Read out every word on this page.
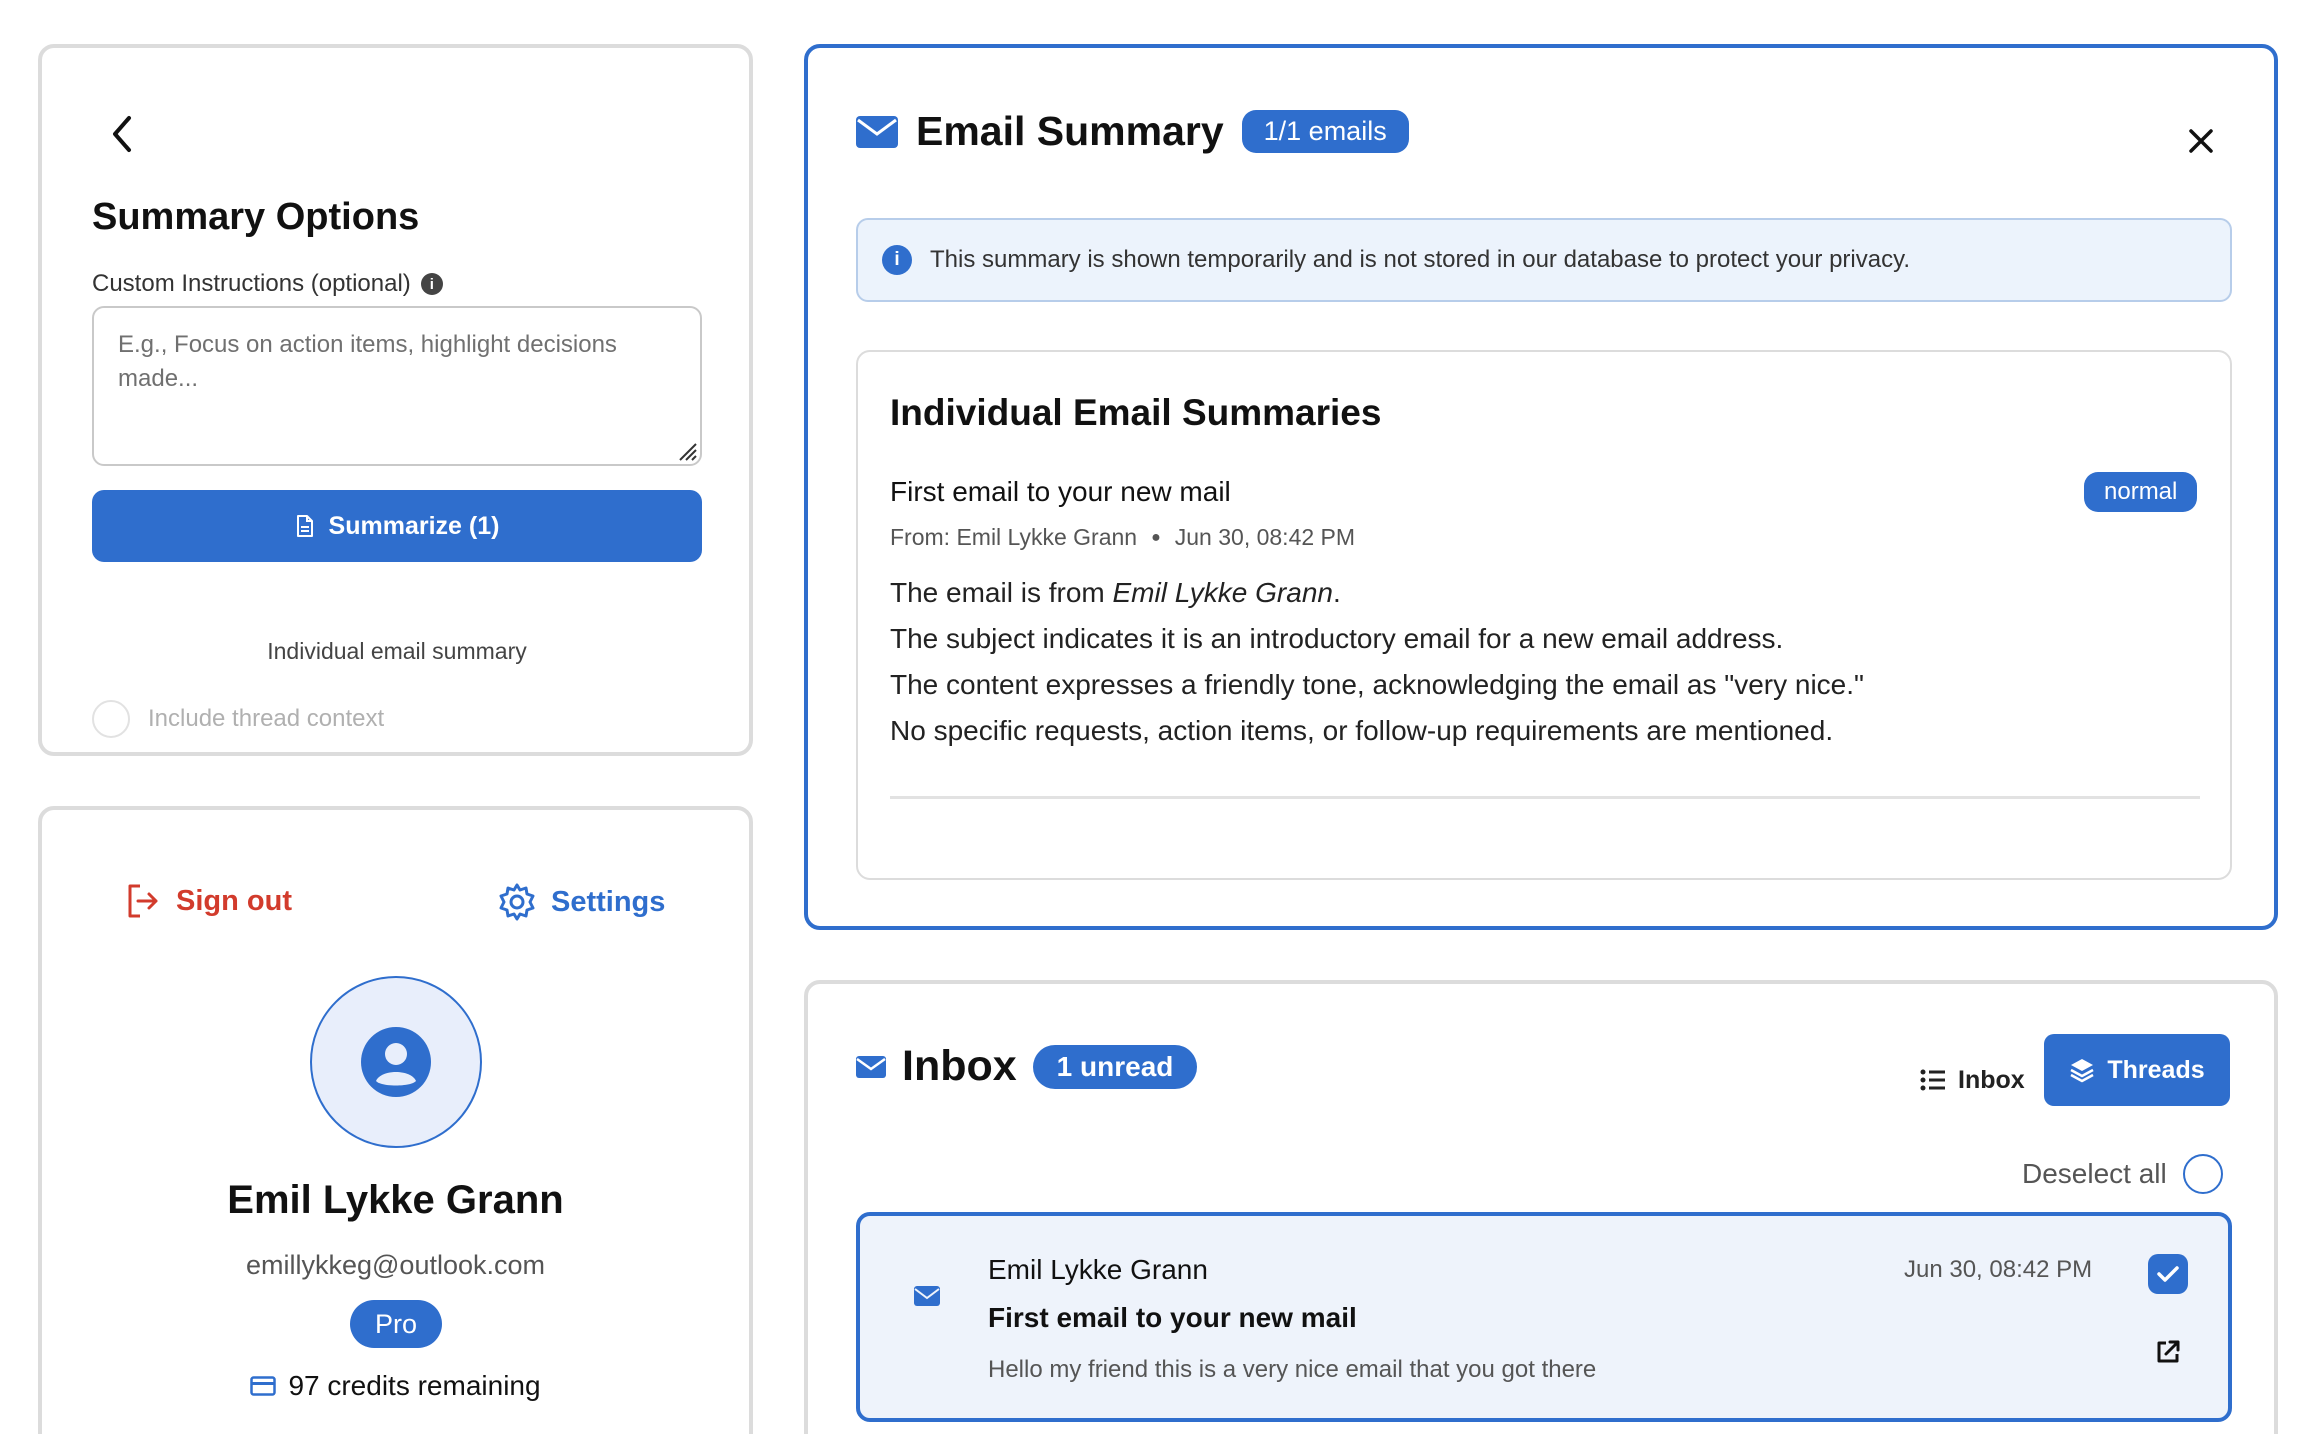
Summary Options
Custom Instructions (optional)	i
E.g., Focus on action items, highlight decisions made...
Summarize (1)
Individual email summary
Include thread context
Sign out	Settings
Emil Lykke Grann
emillykkeg@outlook.com
Pro
97 credits remaining
Email Summary	1/1 emails
i	This summary is shown temporarily and is not stored in our database to protect your privacy.
Individual Email Summaries
First email to your new mail	normal
From: Emil Lykke Grann ● Jun 30, 08:42 PM
The email is from Emil Lykke Grann.
The subject indicates it is an introductory email for a new email address.
The content expresses a friendly tone, acknowledging the email as "very nice."
No specific requests, action items, or follow-up requirements are mentioned.
Inbox	1 unread	Inbox	Threads
Deselect all
Emil Lykke Grann
First email to your new mail
Hello my friend this is a very nice email that you got there
Jun 30, 08:42 PM
